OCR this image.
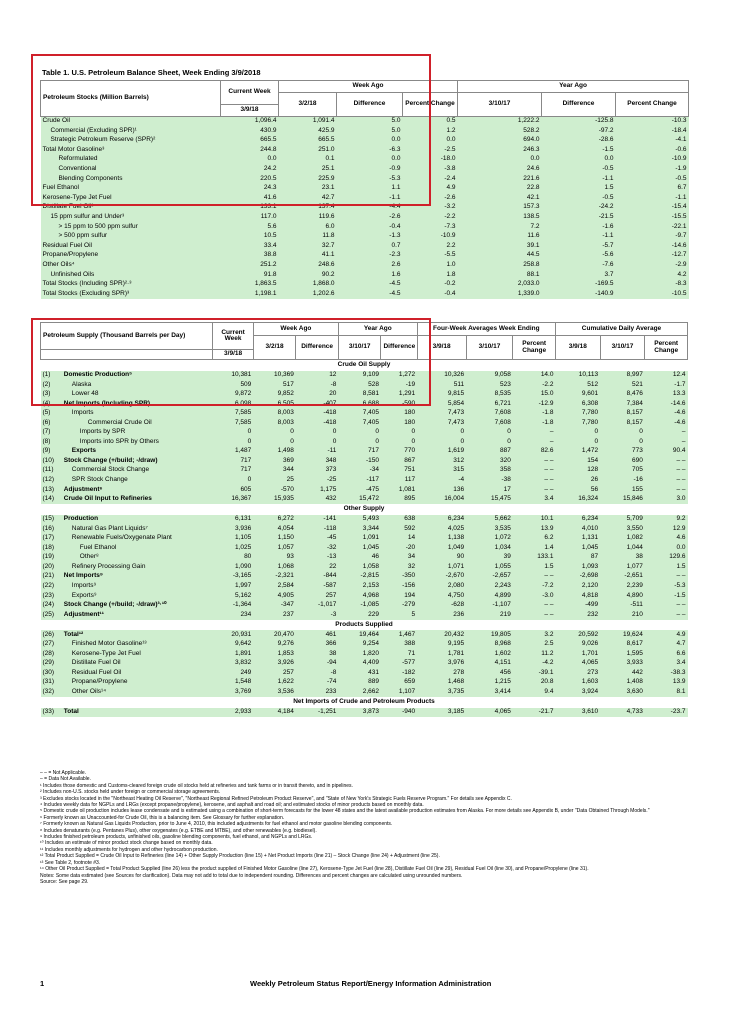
Table 1. U.S. Petroleum Balance Sheet, Week Ending 3/9/2018
Petroleum Stocks (Million Barrels)	Current Week	Week Ago			Year Ago		
		3/2/18	Difference	Percent Change	3/10/17	Difference	Percent Change
	3/9/18						
Crude Oil	1,096.4	1,091.4	5.0	0.5	1,222.2	-125.8	-10.3
Commercial (Excluding SPR)¹	430.9	425.9	5.0	1.2	528.2	-97.2	-18.4
Strategic Petroleum Reserve (SPR)²	665.5	665.5	0.0	0.0	694.0	-28.6	-4.1
Total Motor Gasoline³	244.8	251.0	-6.3	-2.5	246.3	-1.5	-0.6
Reformulated	0.0	0.1	0.0	-18.0	0.0	0.0	-10.9
Conventional	24.2	25.1	-0.9	-3.8	24.6	-0.5	-1.9
Blending Components	220.5	225.9	-5.3	-2.4	221.6	-1.1	-0.5
Fuel Ethanol	24.3	23.1	1.1	4.9	22.8	1.5	6.7
Kerosene-Type Jet Fuel	41.6	42.7	-1.1	-2.6	42.1	-0.5	-1.1
Distillate Fuel Oil³	133.1	137.4	-4.4	-3.2	157.3	-24.2	-15.4
15 ppm sulfur and Under³	117.0	119.6	-2.6	-2.2	138.5	-21.5	-15.5
> 15 ppm to 500 ppm sulfur	5.6	6.0	-0.4	-7.3	7.2	-1.6	-22.1
> 500 ppm sulfur	10.5	11.8	-1.3	-10.9	11.6	-1.1	-9.7
Residual Fuel Oil	33.4	32.7	0.7	2.2	39.1	-5.7	-14.6
Propane/Propylene	38.8	41.1	-2.3	-5.5	44.5	-5.6	-12.7
Other Oils⁴	251.2	248.6	2.6	1.0	258.8	-7.6	-2.9
Unfinished Oils	91.8	90.2	1.6	1.8	88.1	3.7	4.2
Total Stocks (Including SPR)²·³	1,863.5	1,868.0	-4.5	-0.2	2,033.0	-169.5	-8.3
Total Stocks (Excluding SPR)³	1,198.1	1,202.6	-4.5	-0.4	1,339.0	-140.9	-10.5
Petroleum Supply (Thousand Barrels per Day)		Current Week	Week Ago		Year Ago		Four-Week Averages Week Ending			Cumulative Daily Average		
			3/2/18	Difference	3/10/17	Difference	3/9/18	3/10/17	Percent Change	3/9/18	3/10/17	Percent Change
		3/9/18										
Crude Oil Supply												
(1)	Domestic Production⁵	10,381	10,369	12	9,109	1,272	10,326	9,058	14.0	10,113	8,997	12.4
(2)	Alaska	509	517	-8	528	-19	511	523	-2.2	512	521	-1.7
(3)	Lower 48	9,872	9,852	20	8,581	1,291	9,815	8,535	15.0	9,601	8,476	13.3
(4)	Net Imports (Including SPR)	6,098	6,505	-407	6,688	-590	5,854	6,721	-12.9	6,308	7,384	-14.6
(5)	Imports	7,585	8,003	-418	7,405	180	7,473	7,608	-1.8	7,780	8,157	-4.6
(6)	Commercial Crude Oil	7,585	8,003	-418	7,405	180	7,473	7,608	-1.8	7,780	8,157	-4.6
(7)	Imports by SPR	0	0	0	0	0	0	0	–	0	0	–
(8)	Imports into SPR by Others	0	0	0	0	0	0	0	–	0	0	–
(9)	Exports	1,487	1,498	-11	717	770	1,619	887	82.6	1,472	773	90.4
(10)	Stock Change (+/build; -/draw)	717	369	348	-150	867	312	320	– –	154	690	– –
(11)	Commercial Stock Change	717	344	373	-34	751	315	358	– –	128	705	– –
(12)	SPR Stock Change	0	25	-25	-117	117	-4	-38	– –	26	-16	– –
(13)	Adjustment⁶	605	-570	1,175	-475	1,081	136	17	– –	56	155	– –
(14)	Crude Oil Input to Refineries	16,367	15,935	432	15,472	895	16,004	15,475	3.4	16,324	15,846	3.0
Other Supply												
(15)	Production	6,131	6,272	-141	5,493	638	6,234	5,662	10.1	6,234	5,709	9.2
(16)	Natural Gas Plant Liquids⁷	3,936	4,054	-118	3,344	592	4,025	3,535	13.9	4,010	3,550	12.9
(17)	Renewable Fuels/Oxygenate Plant	1,105	1,150	-45	1,091	14	1,138	1,072	6.2	1,131	1,082	4.6
(18)	Fuel Ethanol	1,025	1,057	-32	1,045	-20	1,049	1,034	1.4	1,045	1,044	0.0
(19)	Other⁸	80	93	-13	46	34	90	39	133.1	87	38	129.6
(20)	Refinery Processing Gain	1,090	1,068	22	1,058	32	1,071	1,055	1.5	1,093	1,077	1.5
(21)	Net Imports⁹	-3,165	-2,321	-844	-2,815	-350	-2,670	-2,657	– –	-2,698	-2,651	– –
(22)	Imports⁹	1,997	2,584	-587	2,153	-156	2,080	2,243	-7.2	2,120	2,239	-5.3
(23)	Exports⁹	5,162	4,905	257	4,968	194	4,750	4,899	-3.0	4,818	4,890	-1.5
(24)	Stock Change (+/build; -/draw)³·¹⁰	-1,364	-347	-1,017	-1,085	-279	-628	-1,107	– –	-499	-511	– –
(25)	Adjustment¹¹	234	237	-3	229	5	236	219	– –	232	210	– –
Products Supplied												
(26)	Total¹²	20,931	20,470	461	19,464	1,467	20,432	19,805	3.2	20,592	19,624	4.9
(27)	Finished Motor Gasoline¹³	9,642	9,276	366	9,254	388	9,195	8,968	2.5	9,026	8,617	4.7
(28)	Kerosene-Type Jet Fuel	1,891	1,853	38	1,820	71	1,781	1,602	11.2	1,701	1,595	6.6
(29)	Distillate Fuel Oil	3,832	3,926	-94	4,409	-577	3,976	4,151	-4.2	4,065	3,933	3.4
(30)	Residual Fuel Oil	249	257	-8	431	-182	278	456	-39.1	273	442	-38.3
(31)	Propane/Propylene	1,548	1,622	-74	889	659	1,468	1,215	20.8	1,603	1,408	13.9
(32)	Other Oils¹⁴	3,769	3,536	233	2,662	1,107	3,735	3,414	9.4	3,924	3,630	8.1
Net Imports of Crude and Petroleum Products												
(33)	Total	2,933	4,184	-1,251	3,873	-940	3,185	4,065	-21.7	3,610	4,733	-23.7
– – = Not Applicable.
– = Data Not Available.
¹ Includes those domestic and Customs-cleared foreign crude oil stocks held at refineries and tank farms or in transit thereto, and in pipelines.
² Includes non-U.S. stocks held under foreign or commercial storage agreements.
³ Excludes stocks located in the "Northeast Heating Oil Reserve", "Northeast Regional Refined Petroleum Product Reserve", and "State of New York's Strategic Fuels Reserve Program." For details see Appendix C.
⁴ Includes weekly data for NGPLs and LRGs (except propane/propylene), kerosene, and asphalt and road oil; and estimated stocks of minor products based on monthly data.
⁵ Domestic crude oil production includes lease condensate and is estimated using a combination of short-term forecasts for the lower 48 states and the latest available production estimates from Alaska. For more details see Appendix B, under "Data Obtained Through Models."
⁶ Formerly known as Unaccounted-for Crude Oil, this is a balancing item. See Glossary for further explanation.
⁷ Formerly known as Natural Gas Liquids Production, prior to June 4, 2010, this included adjustments for fuel ethanol and motor gasoline blending components.
⁸ Includes denaturants (e.g. Pentanes Plus), other oxygenates (e.g. ETBE and MTBE), and other renewables (e.g. biodiesel).
⁹ Includes finished petroleum products, unfinished oils, gasoline blending components, fuel ethanol, and NGPLs and LRGs.
¹⁰ Includes an estimate of minor product stock change based on monthly data.
¹¹ Includes monthly adjustments for hydrogen and other hydrocarbon production.
¹² Total Product Supplied = Crude Oil Input to Refineries (line 14) + Other Supply Production (line 15) + Net Product Imports (line 21) – Stock Change (line 24) + Adjustment (line 25).
¹³ See Table 2, footnote #3.
¹⁴ Other Oil Product Supplied = Total Product Supplied (line 26) less the product supplied of Finished Motor Gasoline (line 27), Kerosene-Type Jet Fuel (line 28), Distillate Fuel Oil (line 29), Residual Fuel Oil (line 30), and Propane/Propylene (line 31).
Notes: Some data estimated (see Sources for clarification). Data may not add to total due to independent rounding. Differences and percent changes are calculated using unrounded numbers.
Source: See page 29.
1	Weekly Petroleum Status Report/Energy Information Administration
